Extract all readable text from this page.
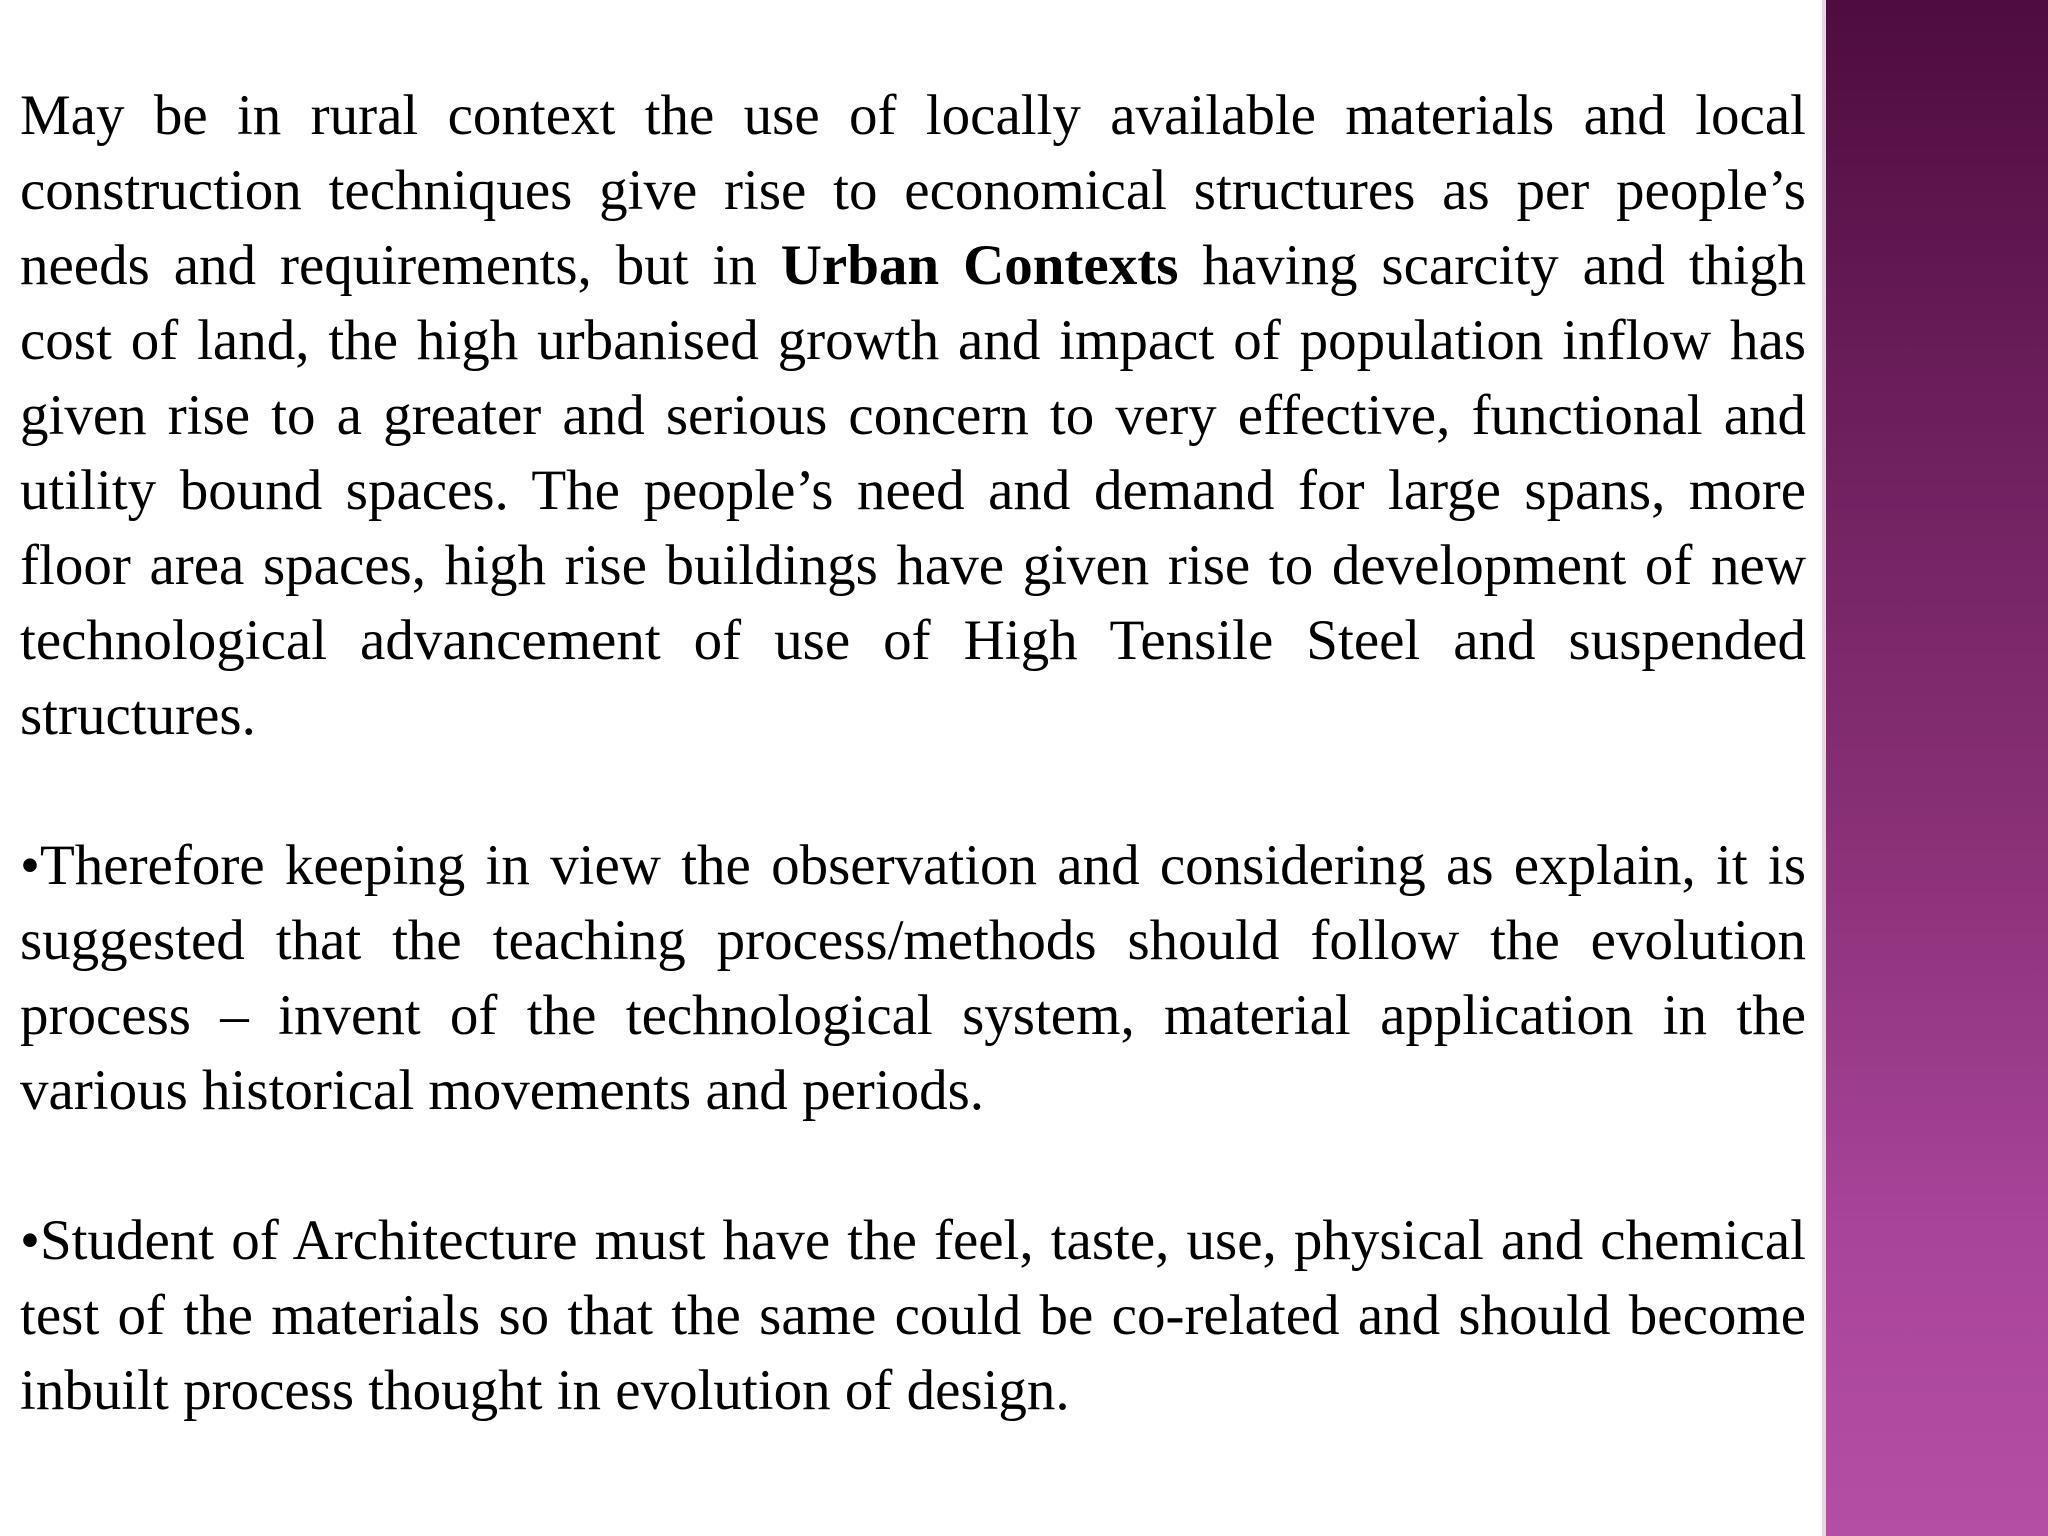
May be in rural context the use of locally available materials and local construction techniques give rise to economical structures as per people’s needs and requirements, but in Urban Contexts having scarcity and thigh cost of land, the high urbanised growth and impact of population inflow has given rise to a greater and serious concern to very effective, functional and utility bound spaces. The people’s need and demand for large spans, more floor area spaces, high rise buildings have given rise to development of new technological advancement of use of High Tensile Steel and suspended structures.

•Therefore keeping in view the observation and considering as explain, it is suggested that the teaching process/methods should follow the evolution process – invent of the technological system, material application in the various historical movements and periods.

•Student of Architecture must have the feel, taste, use, physical and chemical test of the materials so that the same could be co-related and should become inbuilt process thought in evolution of design.
